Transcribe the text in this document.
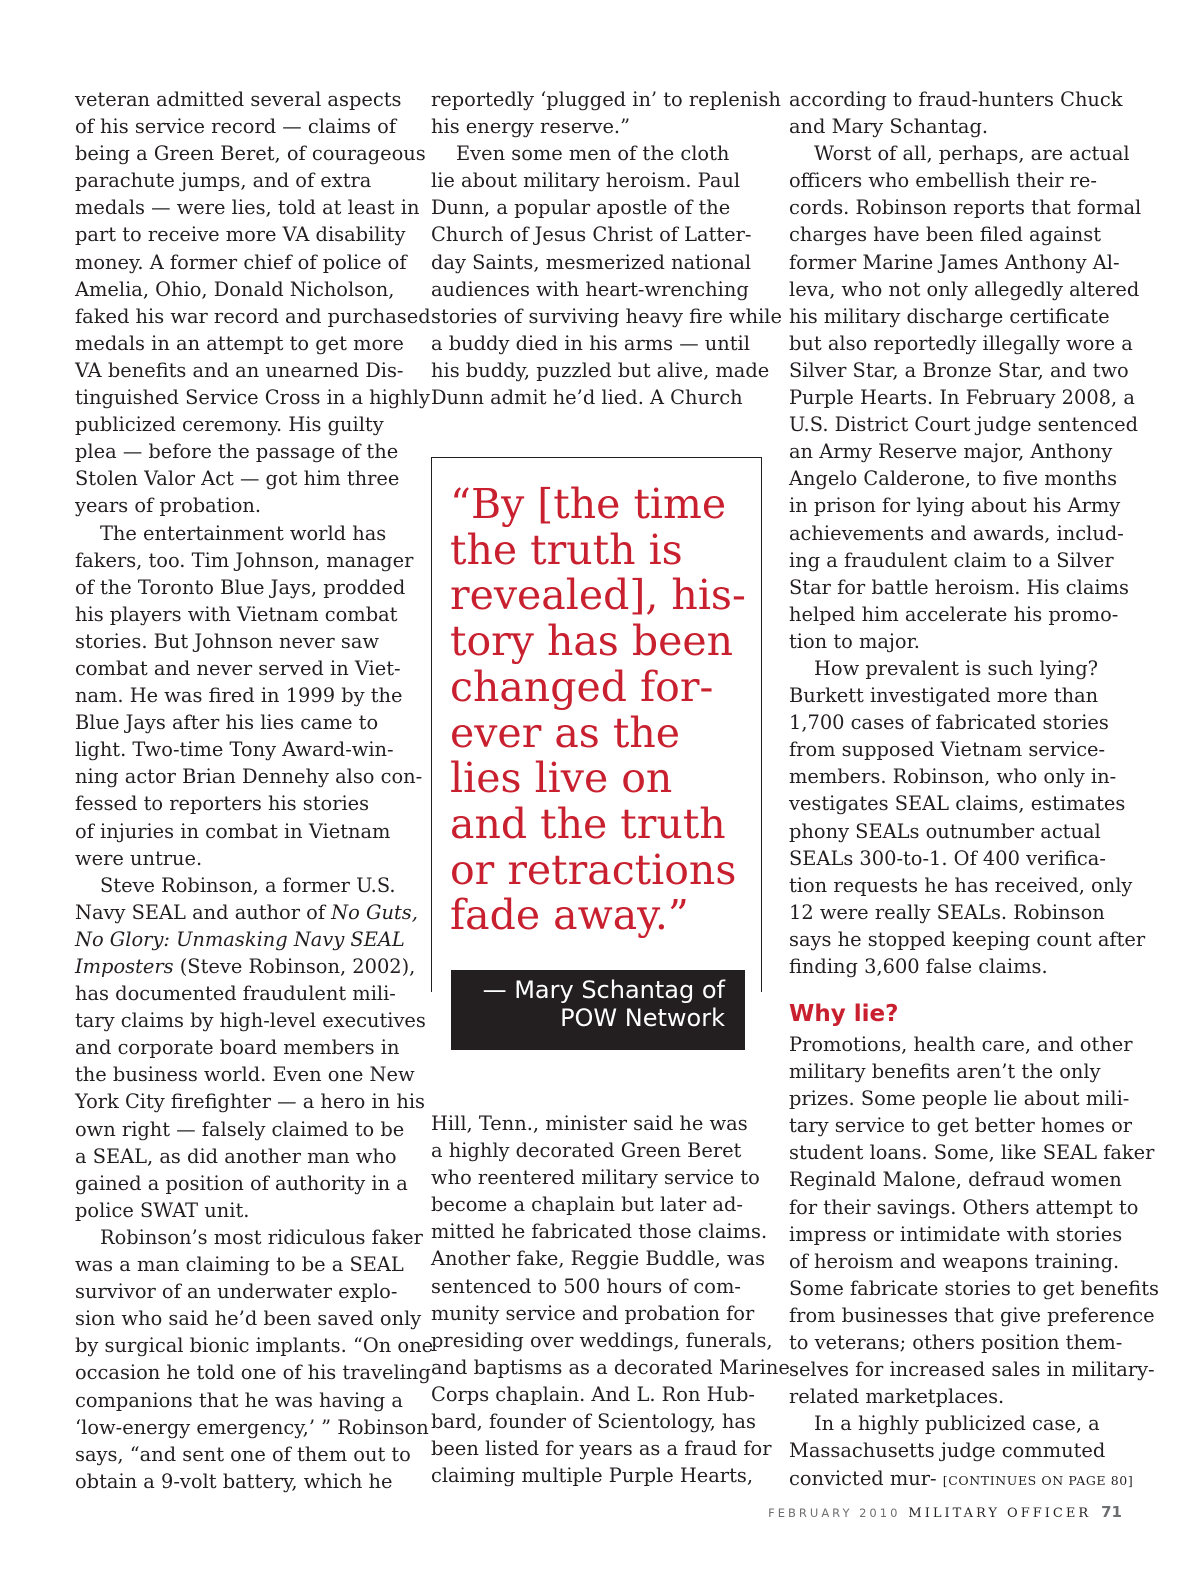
veteran admitted several aspects
of his service record — claims of
being a Green Beret, of courageous
parachute jumps, and of extra
medals — were lies, told at least in
part to receive more VA disability
money. A former chief of police of
Amelia, Ohio, Donald Nicholson,
faked his war record and purchased
medals in an attempt to get more
VA benefits and an unearned Dis-
tinguished Service Cross in a highly
publicized ceremony. His guilty
plea — before the passage of the
Stolen Valor Act — got him three
years of probation.
The entertainment world has
fakers, too. Tim Johnson, manager
of the Toronto Blue Jays, prodded
his players with Vietnam combat
stories. But Johnson never saw
combat and never served in Viet-
nam. He was fired in 1999 by the
Blue Jays after his lies came to
light. Two-time Tony Award-win-
ning actor Brian Dennehy also con-
fessed to reporters his stories
of injuries in combat in Vietnam
were untrue.
Steve Robinson, a former U.S.
Navy SEAL and author of No Guts,
No Glory: Unmasking Navy SEAL
Imposters (Steve Robinson, 2002),
has documented fraudulent mili-
tary claims by high-level executives
and corporate board members in
the business world. Even one New
York City firefighter — a hero in his
own right — falsely claimed to be
a SEAL, as did another man who
gained a position of authority in a
police SWAT unit.
Robinson’s most ridiculous faker
was a man claiming to be a SEAL
survivor of an underwater explo-
sion who said he’d been saved only
by surgical bionic implants. “On one
occasion he told one of his traveling
companions that he was having a
‘low-energy emergency,’ ” Robinson
says, “and sent one of them out to
obtain a 9-volt battery, which he
reportedly ‘plugged in’ to replenish
his energy reserve.”
Even some men of the cloth
lie about military heroism. Paul
Dunn, a popular apostle of the
Church of Jesus Christ of Latter-
day Saints, mesmerized national
audiences with heart-wrenching
stories of surviving heavy fire while
a buddy died in his arms — until
his buddy, puzzled but alive, made
Dunn admit he’d lied. A Church
“By [the time
the truth is
revealed], his-
tory has been
changed for-
ever as the
lies live on
and the truth
or retractions
fade away.”
— Mary Schantag of
POW Network
Hill, Tenn., minister said he was
a highly decorated Green Beret
who reentered military service to
become a chaplain but later ad-
mitted he fabricated those claims.
Another fake, Reggie Buddle, was
sentenced to 500 hours of com-
munity service and probation for
presiding over weddings, funerals,
and baptisms as a decorated Marine
Corps chaplain. And L. Ron Hub-
bard, founder of Scientology, has
been listed for years as a fraud for
claiming multiple Purple Hearts,
according to fraud-hunters Chuck
and Mary Schantag.
Worst of all, perhaps, are actual
officers who embellish their re-
cords. Robinson reports that formal
charges have been filed against
former Marine James Anthony Al-
leva, who not only allegedly altered
his military discharge certificate
but also reportedly illegally wore a
Silver Star, a Bronze Star, and two
Purple Hearts. In February 2008, a
U.S. District Court judge sentenced
an Army Reserve major, Anthony
Angelo Calderone, to five months
in prison for lying about his Army
achievements and awards, includ-
ing a fraudulent claim to a Silver
Star for battle heroism. His claims
helped him accelerate his promo-
tion to major.
How prevalent is such lying?
Burkett investigated more than
1,700 cases of fabricated stories
from supposed Vietnam service-
members. Robinson, who only in-
vestigates SEAL claims, estimates
phony SEALs outnumber actual
SEALs 300-to-1. Of 400 verifica-
tion requests he has received, only
12 were really SEALs. Robinson
says he stopped keeping count after
finding 3,600 false claims.
Why lie?
Promotions, health care, and other
military benefits aren’t the only
prizes. Some people lie about mili-
tary service to get better homes or
student loans. Some, like SEAL faker
Reginald Malone, defraud women
for their savings. Others attempt to
impress or intimidate with stories
of heroism and weapons training.
Some fabricate stories to get benefits
from businesses that give preference
to veterans; others position them-
selves for increased sales in military-
related marketplaces.
In a highly publicized case, a
Massachusetts judge commuted
convicted mur- [CONTINUES ON PAGE 80]
FEBRUARY 2010 MILITARY OFFICER 71
